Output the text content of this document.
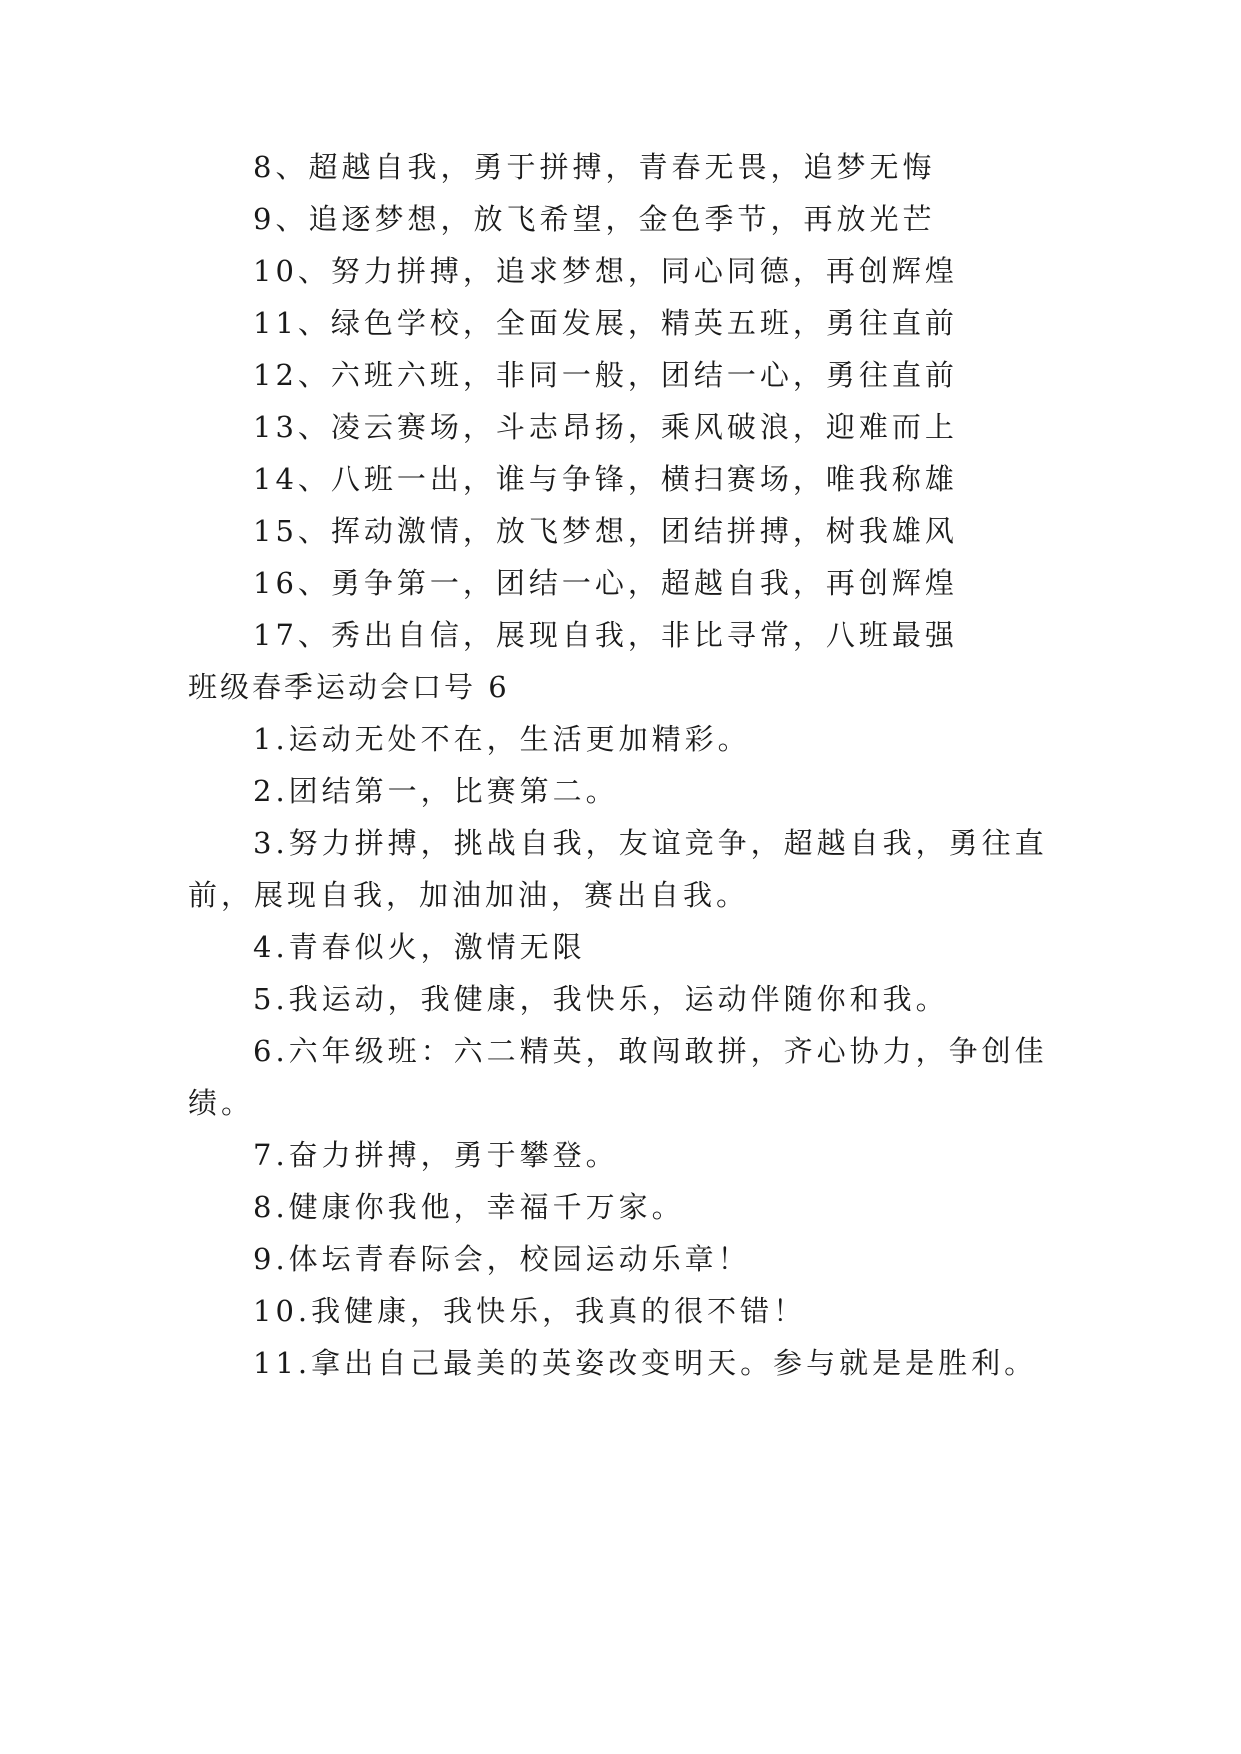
8、超越自我，勇于拼搏，青春无畏，追梦无悔
9、追逐梦想，放飞希望，金色季节，再放光芒
10、努力拼搏，追求梦想，同心同德，再创辉煌
11、绿色学校，全面发展，精英五班，勇往直前
12、六班六班，非同一般，团结一心，勇往直前
13、凌云赛场，斗志昂扬，乘风破浪，迎难而上
14、八班一出，谁与争锋，横扫赛场，唯我称雄
15、挥动激情，放飞梦想，团结拼搏，树我雄风
16、勇争第一，团结一心，超越自我，再创辉煌
17、秀出自信，展现自我，非比寻常，八班最强
班级春季运动会口号 6
1.运动无处不在，生活更加精彩。
2.团结第一，比赛第二。
3.努力拼搏，挑战自我，友谊竞争，超越自我，勇往直
前，展现自我，加油加油，赛出自我。
4.青春似火，激情无限
5.我运动，我健康，我快乐，运动伴随你和我。
6.六年级班：六二精英，敢闯敢拼，齐心协力，争创佳
绩。
7.奋力拼搏，勇于攀登。
8.健康你我他，幸福千万家。
9.体坛青春际会，校园运动乐章！
10.我健康，我快乐，我真的很不错！
11.拿出自己最美的英姿改变明天。参与就是是胜利。
